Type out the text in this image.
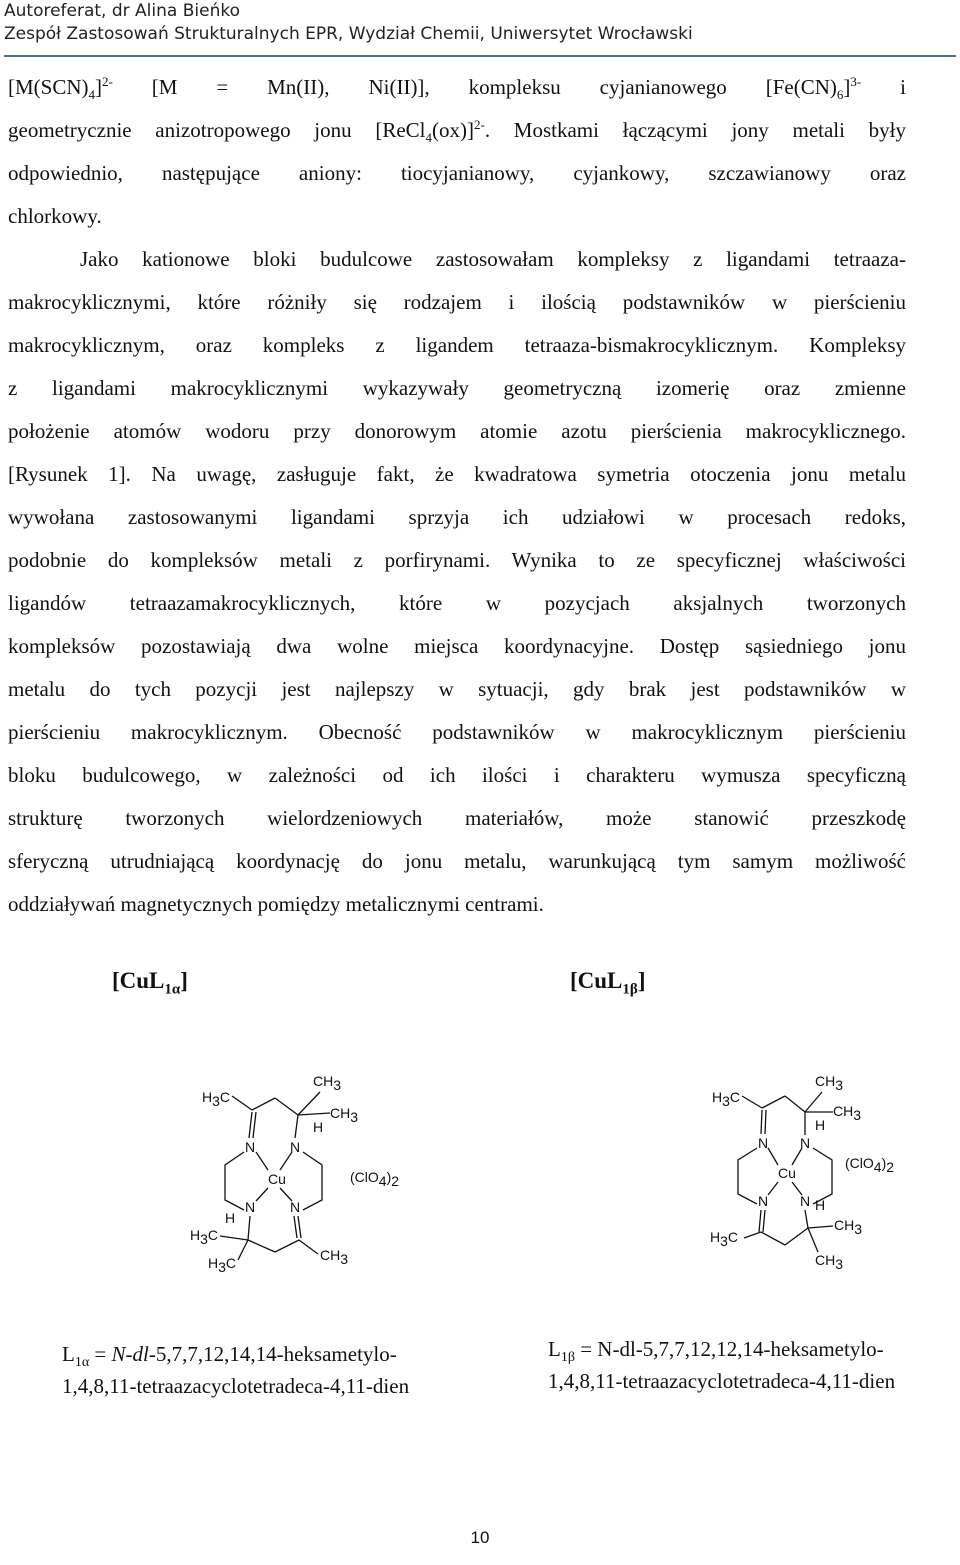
Autoreferat, dr Alina Bieńko
Zespół Zastosowań Strukturalnych EPR, Wydział Chemii, Uniwersytet Wrocławski
$[M(SCN)_4]^{2-}$ [M = Mn(II), Ni(II)], kompleksu cyjanianowego $[Fe(CN)_6]^{3-}$ i
geometrycznie anizotropowego jonu [ReCl$_4$(ox)]$^{2-}$. Mostkami łączącymi jony metali były
odpowiednio, następujące aniony: tiocyjanianowy, cyjankowy, szczawianowy oraz
chlorkowy.
Jako kationowe bloki budulcowe zastosowałam kompleksy z ligandami tetraaza-
makrocyklicznymi, które różniły się rodzajem i ilością podstawników w pierścieniu
makrocyklicznym, oraz kompleks z ligandem tetraaza-bismakrocyklicznym. Kompleksy
z ligandami makrocyklicznymi wykazywały geometryczną izomerię oraz zmienne
położenie atomów wodoru przy donorowym atomie azotu pierścienia makrocyklicznego.
[Rysunek 1]. Na uwagę, zasługuje fakt, że kwadratowa symetria otoczenia jonu metalu
wywołana zastosowanymi ligandami sprzyja ich udziałowi w procesach redoks,
podobnie do kompleksów metali z porfirynami. Wynika to ze specyficznej właściwości
ligandów tetraazamakrocyklicznych, które w pozycjach aksjalnych tworzonych
kompleksów pozostawiają dwa wolne miejsca koordynacyjne. Dostęp sąsiedniego jonu
metalu do tych pozycji jest najlepszy w sytuacji, gdy brak jest podstawników w
pierścieniu makrocyklicznym. Obecność podstawników w makrocyklicznym pierścieniu
bloku budulcowego, w zależności od ich ilości i charakteru wymusza specyficzną
strukturę tworzonych wielordzeniowych materiałów, może stanowić przeszkodę
sferyczną utrudniającą koordynację do jonu metalu, warunkującą tym samym możliwość
oddziaływań magnetycznych pomiędzy metalicznymi centrami.
[CuL$_{1\alpha}$]	[CuL$_{1\beta}$]
H3C
CH3
CH3
H
N N
Cu
N N
H
H3C
H3C	CH3
(ClO4)2
H3C
CH3
CH3
H
N N
Cu
N N H
CH3
H3C
CH3
(ClO4)2
$L_{1\alpha}$ = N-dl-5,7,7,12,14,14-heksametylo-
1,4,8,11-tetraazacyclotetradeca-4,11-dien
$L_{1\beta}$ = N-dl-5,7,7,12,12,14-heksametylo-
1,4,8,11-tetraazacyclotetradeca-4,11-dien
10
